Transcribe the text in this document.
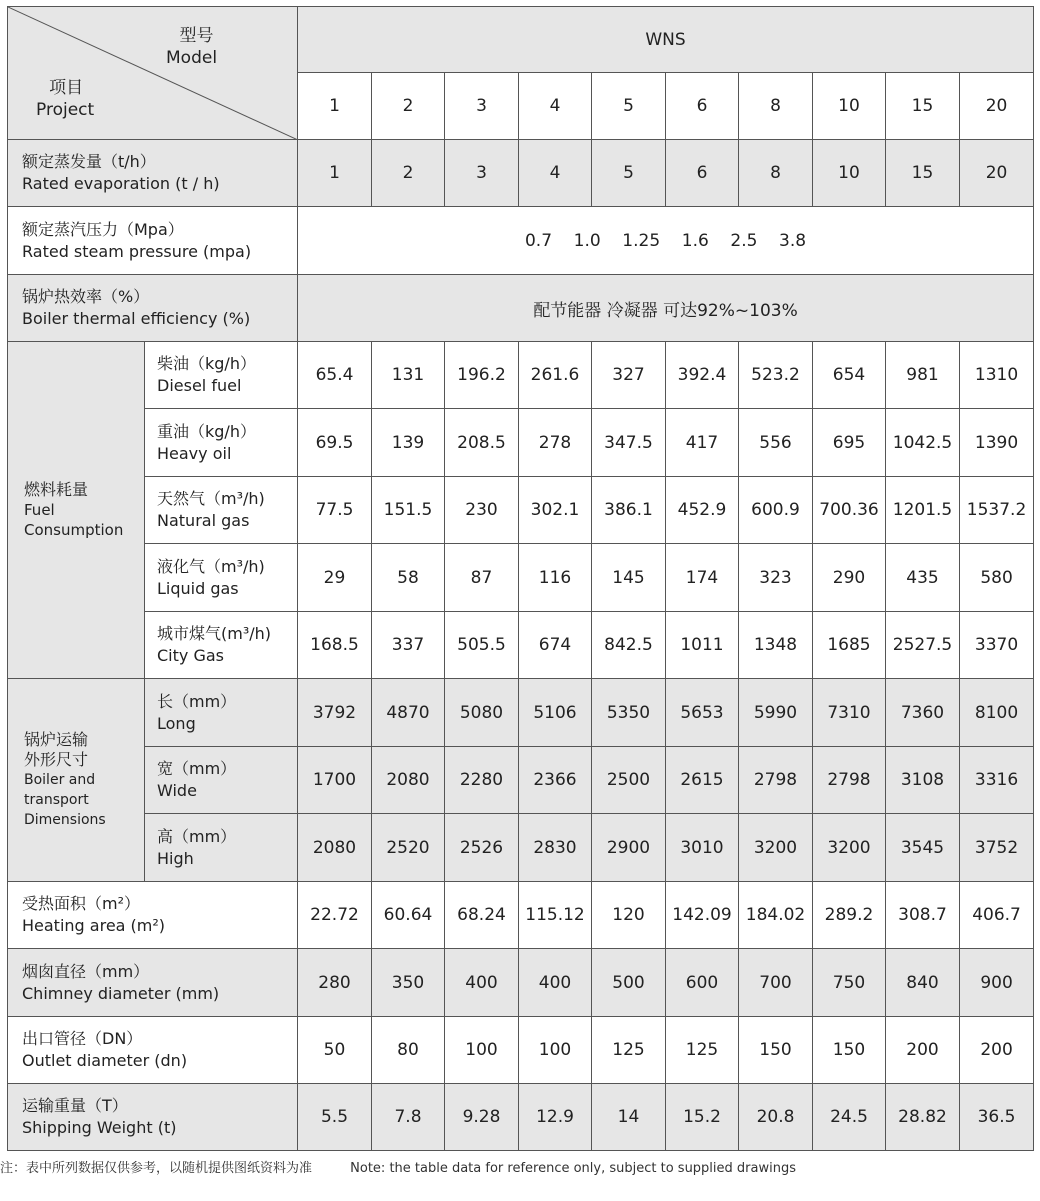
型号
Model
项目
Project		WNS									
		1	2	3	4	5	6	8	10	15	20

额定蒸发量（t/h）
Rated evaporation (t / h)		1	2	3	4	5	6	8	10	15	20

额定蒸汽压力（Mpa）
Rated steam pressure (mpa)		0.7    1.0    1.25    1.6    2.5    3.8									

锅炉热效率（%）
Boiler thermal efficiency (%)		配节能器 冷凝器 可达92%~103%									

燃料耗量
Fuel
Consumption	柴油（kg/h）
Diesel fuel	65.4	131	196.2	261.6	327	392.4	523.2	654	981	1310

	重油（kg/h）
Heavy oil	69.5	139	208.5	278	347.5	417	556	695	1042.5	1390

	天然气（m³/h)
Natural gas	77.5	151.5	230	302.1	386.1	452.9	600.9	700.36	1201.5	1537.2

	液化气（m³/h)
Liquid gas	29	58	87	116	145	174	323	290	435	580

	城市煤气(m³/h)
City Gas	168.5	337	505.5	674	842.5	1011	1348	1685	2527.5	3370

锅炉运输
外形尺寸
Boiler and
transport
Dimensions	长（mm）
Long	3792	4870	5080	5106	5350	5653	5990	7310	7360	8100

	宽（mm）
Wide	1700	2080	2280	2366	2500	2615	2798	2798	3108	3316

	高（mm）
High	2080	2520	2526	2830	2900	3010	3200	3200	3545	3752

受热面积（m²）
Heating area (m²)		22.72	60.64	68.24	115.12	120	142.09	184.02	289.2	308.7	406.7

烟囱直径（mm）
Chimney diameter (mm)		280	350	400	400	500	600	700	750	840	900

出口管径（DN）
Outlet diameter (dn)		50	80	100	100	125	125	150	150	200	200

运输重量（T）
Shipping Weight (t)		5.5	7.8	9.28	12.9	14	15.2	20.8	24.5	28.82	36.5
注：表中所列数据仅供参考，以随机提供图纸资料为准	Note: the table data for reference only, subject to supplied drawings
